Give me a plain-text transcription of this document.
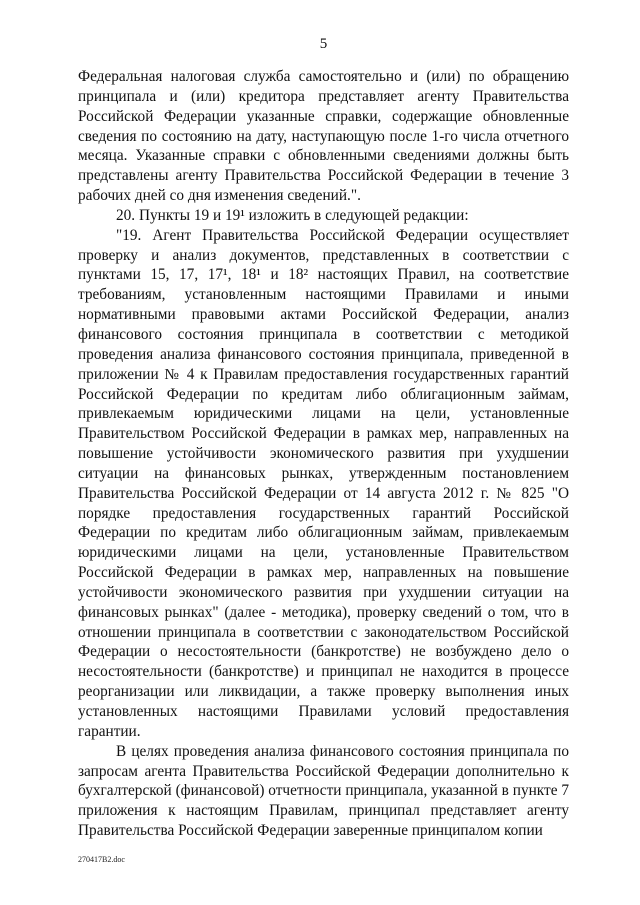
5

Федеральная налоговая служба самостоятельно и (или) по обращению принципала и (или) кредитора представляет агенту Правительства Российской Федерации указанные справки, содержащие обновленные сведения по состоянию на дату, наступающую после 1-го числа отчетного месяца. Указанные справки с обновленными сведениями должны быть представлены агенту Правительства Российской Федерации в течение 3 рабочих дней со дня изменения сведений.".

20. Пункты 19 и 19¹ изложить в следующей редакции:

"19. Агент Правительства Российской Федерации осуществляет проверку и анализ документов, представленных в соответствии с пунктами 15, 17, 17¹, 18¹ и 18² настоящих Правил, на соответствие требованиям, установленным настоящими Правилами и иными нормативными правовыми актами Российской Федерации, анализ финансового состояния принципала в соответствии с методикой проведения анализа финансового состояния принципала, приведенной в приложении № 4 к Правилам предоставления государственных гарантий Российской Федерации по кредитам либо облигационным займам, привлекаемым юридическими лицами на цели, установленные Правительством Российской Федерации в рамках мер, направленных на повышение устойчивости экономического развития при ухудшении ситуации на финансовых рынках, утвержденным постановлением Правительства Российской Федерации от 14 августа 2012 г. № 825 "О порядке предоставления государственных гарантий Российской Федерации по кредитам либо облигационным займам, привлекаемым юридическими лицами на цели, установленные Правительством Российской Федерации в рамках мер, направленных на повышение устойчивости экономического развития при ухудшении ситуации на финансовых рынках" (далее - методика), проверку сведений о том, что в отношении принципала в соответствии с законодательством Российской Федерации о несостоятельности (банкротстве) не возбуждено дело о несостоятельности (банкротстве) и принципал не находится в процессе реорганизации или ликвидации, а также проверку выполнения иных установленных настоящими Правилами условий предоставления гарантии.

В целях проведения анализа финансового состояния принципала по запросам агента Правительства Российской Федерации дополнительно к бухгалтерской (финансовой) отчетности принципала, указанной в пункте 7 приложения к настоящим Правилам, принципал представляет агенту Правительства Российской Федерации заверенные принципалом копии

270417В2.doc
